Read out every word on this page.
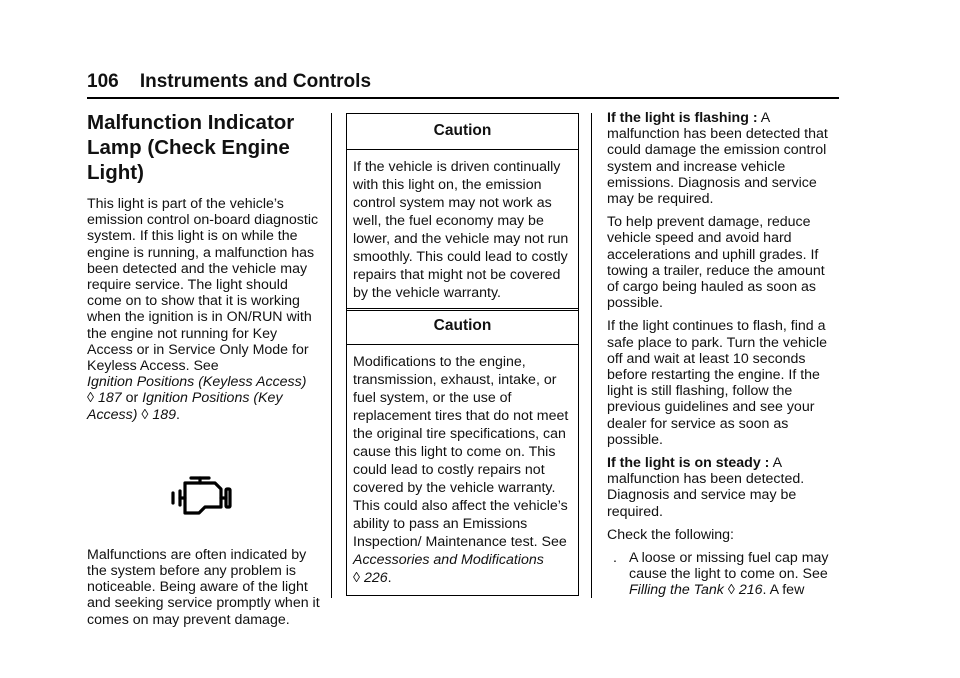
106 Instruments and Controls
Malfunction Indicator
Lamp (Check Engine
Light)

This light is part of the vehicle’s emission control on-board diagnostic system. If this light is on while the engine is running, a malfunction has been detected and the vehicle may require service. The light should come on to show that it is working when the ignition is in ON/RUN with the engine not running for Key Access or in Service Only Mode for Keyless Access. See
Ignition Positions (Keyless Access)
◊ 187 or Ignition Positions (Key Access) ◊ 189.

Malfunctions are often indicated by the system before any problem is noticeable. Being aware of the light and seeking service promptly when it comes on may prevent damage.

Caution
If the vehicle is driven continually with this light on, the emission control system may not work as well, the fuel economy may be lower, and the vehicle may not run smoothly. This could lead to costly repairs that might not be covered by the vehicle warranty.
Caution
Modifications to the engine, transmission, exhaust, intake, or fuel system, or the use of replacement tires that do not meet the original tire specifications, can cause this light to come on. This could lead to costly repairs not covered by the vehicle warranty. This could also affect the vehicle’s ability to pass an Emissions Inspection/ Maintenance test. See
Accessories and Modifications
◊ 226.

If the light is flashing : A malfunction has been detected that could damage the emission control system and increase vehicle emissions. Diagnosis and service may be required.

To help prevent damage, reduce vehicle speed and avoid hard accelerations and uphill grades. If towing a trailer, reduce the amount of cargo being hauled as soon as possible.

If the light continues to flash, find a safe place to park. Turn the vehicle off and wait at least 10 seconds before restarting the engine. If the light is still flashing, follow the previous guidelines and see your dealer for service as soon as possible.

If the light is on steady : A malfunction has been detected. Diagnosis and service may be required.

Check the following:

. A loose or missing fuel cap may cause the light to come on. See Filling the Tank ◊ 216. A few
